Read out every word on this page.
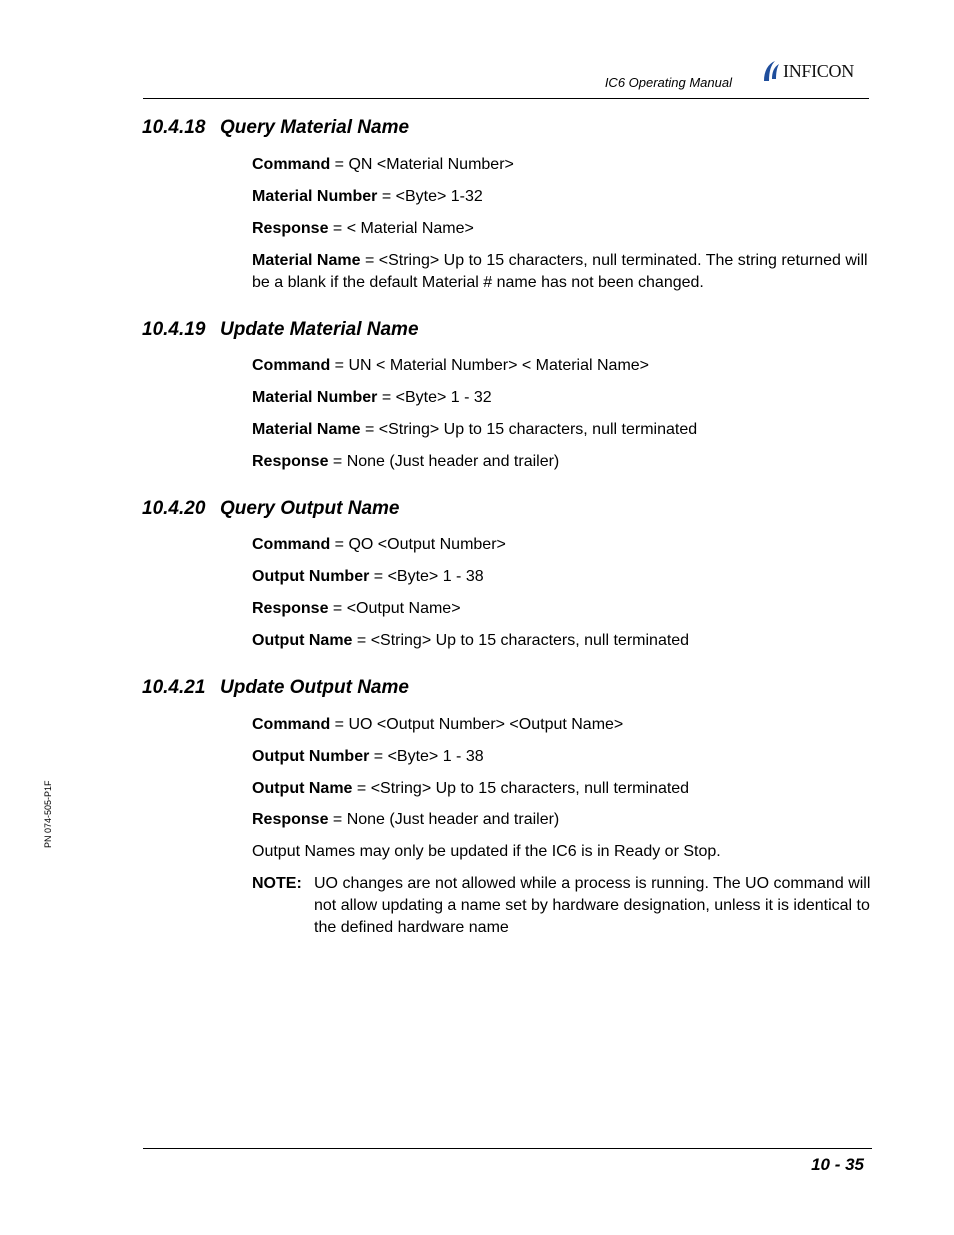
IC6 Operating Manual
INFICON
PN 074-505-P1F
10.4.18 Query Material Name
Command = QN <Material Number>
Material Number = <Byte> 1-32
Response = < Material Name>
Material Name = <String> Up to 15 characters, null terminated. The string returned will be a blank if the default Material # name has not been changed.
10.4.19 Update Material Name
Command = UN < Material Number> < Material Name>
Material Number = <Byte> 1 - 32
Material Name = <String> Up to 15 characters, null terminated
Response = None (Just header and trailer)
10.4.20 Query Output Name
Command = QO <Output Number>
Output Number = <Byte> 1 - 38
Response = <Output Name>
Output Name = <String> Up to 15 characters, null terminated
10.4.21 Update Output Name
Command = UO <Output Number> <Output Name>
Output Number = <Byte> 1 - 38
Output Name = <String> Up to 15 characters, null terminated
Response = None (Just header and trailer)
Output Names may only be updated if the IC6 is in Ready or Stop.
NOTE: UO changes are not allowed while a process is running. The UO command will not allow updating a name set by hardware designation, unless it is identical to the defined hardware name
10 - 35
